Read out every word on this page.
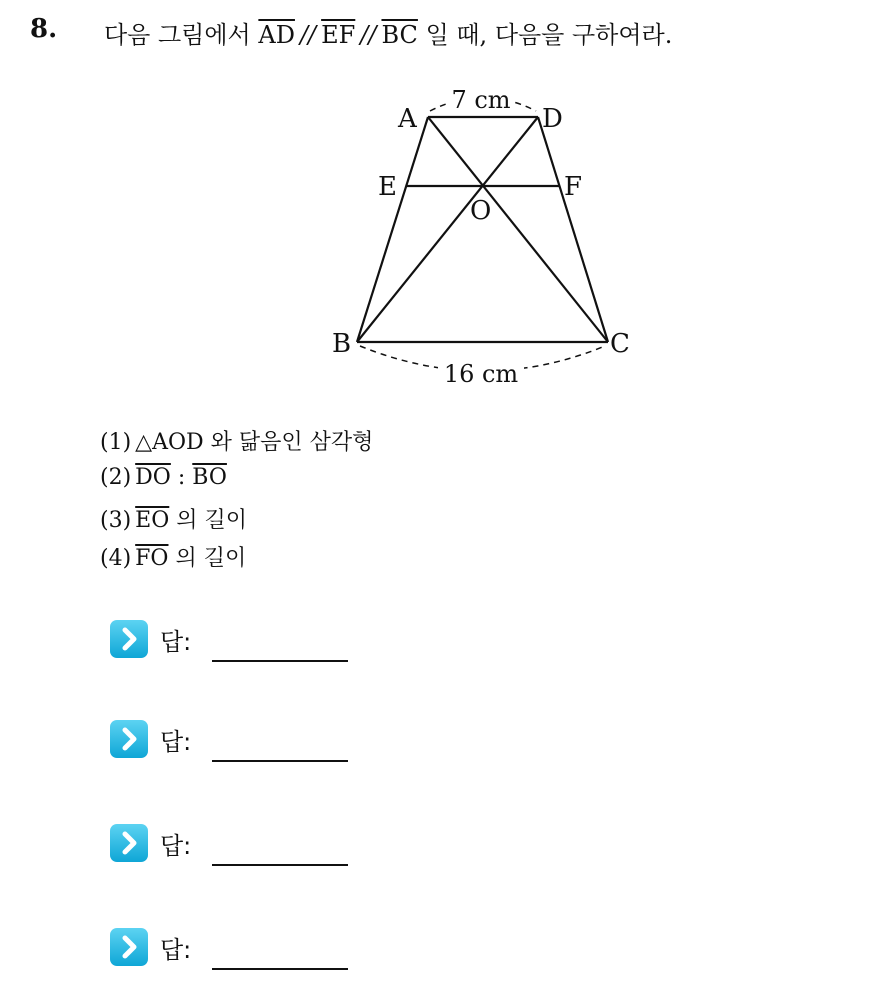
8. 다음 그림에서 $\overline{AD} // \overline{EF} // \overline{BC}$ 일 때, 다음을 구하여라.
A	D
E	F
O
B	C
7 cm
16 cm
(1) △AOD 와 닮음인 삼각형
(2) $\overline{DO}$ : $\overline{BO}$
(3) $\overline{EO}$ 의 길이
(4) $\overline{FO}$ 의 길이
답:
답:
답:
답:
